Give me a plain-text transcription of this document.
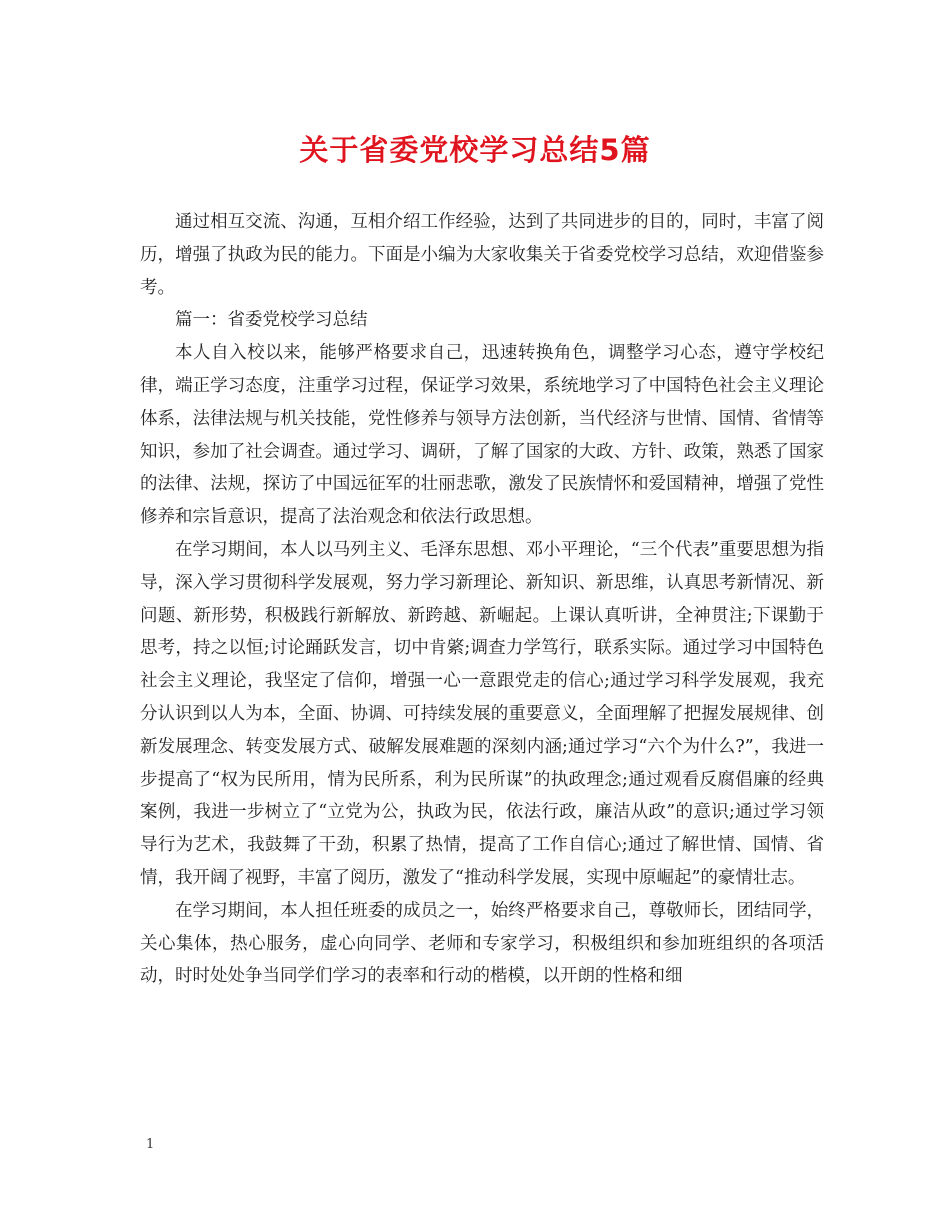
关于省委党校学习总结5篇

通过相互交流、沟通，互相介绍工作经验，达到了共同进步的目的，同时，丰富了阅历，增强了执政为民的能力。下面是小编为大家收集关于省委党校学习总结，欢迎借鉴参考。

篇一：省委党校学习总结

本人自入校以来，能够严格要求自己，迅速转换角色，调整学习心态，遵守学校纪律，端正学习态度，注重学习过程，保证学习效果，系统地学习了中国特色社会主义理论体系，法律法规与机关技能，党性修养与领导方法创新，当代经济与世情、国情、省情等知识，参加了社会调查。通过学习、调研，了解了国家的大政、方针、政策，熟悉了国家的法律、法规，探访了中国远征军的壮丽悲歌，激发了民族情怀和爱国精神，增强了党性修养和宗旨意识，提高了法治观念和依法行政思想。

在学习期间，本人以马列主义、毛泽东思想、邓小平理论，“三个代表”重要思想为指导，深入学习贯彻科学发展观，努力学习新理论、新知识、新思维，认真思考新情况、新问题、新形势，积极践行新解放、新跨越、新崛起。上课认真听讲，全神贯注;下课勤于思考，持之以恒;讨论踊跃发言，切中肯綮;调查力学笃行，联系实际。通过学习中国特色社会主义理论，我坚定了信仰，增强一心一意跟党走的信心;通过学习科学发展观，我充分认识到以人为本，全面、协调、可持续发展的重要意义，全面理解了把握发展规律、创新发展理念、转变发展方式、破解发展难题的深刻内涵;通过学习“六个为什么?”，我进一步提高了“权为民所用，情为民所系，利为民所谋”的执政理念;通过观看反腐倡廉的经典案例，我进一步树立了“立党为公，执政为民，依法行政，廉洁从政”的意识;通过学习领导行为艺术，我鼓舞了干劲，积累了热情，提高了工作自信心;通过了解世情、国情、省情，我开阔了视野，丰富了阅历，激发了“推动科学发展，实现中原崛起”的豪情壮志。

在学习期间，本人担任班委的成员之一，始终严格要求自己，尊敬师长，团结同学，关心集体，热心服务，虚心向同学、老师和专家学习，积极组织和参加班组织的各项活动，时时处处争当同学们学习的表率和行动的楷模，以开朗的性格和细

1
